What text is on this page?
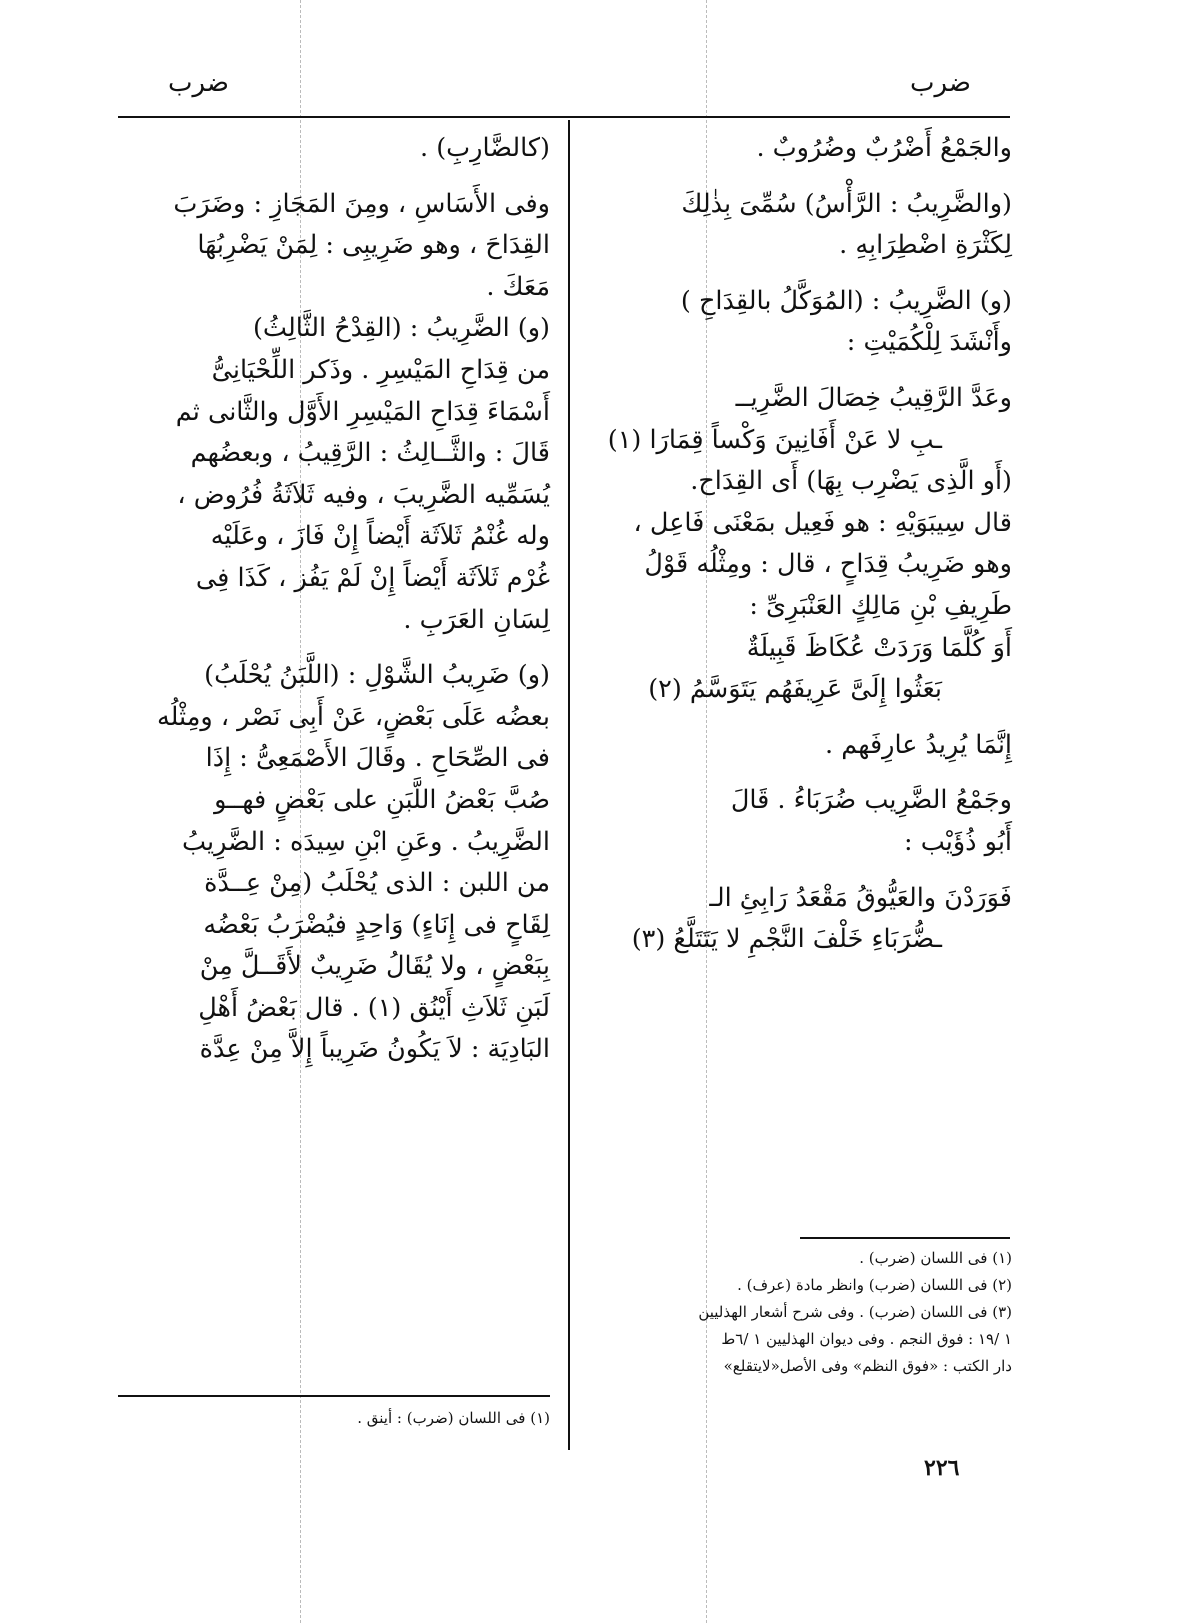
ضرب
ضرب

والجَمْعُ أَضْرُبٌ وضُرُوبٌ .

(والضَّرِيبُ : الرَّأْسُ) سُمِّىَ بِذٰلِكَ

لِكَثْرَةِ اضْطِرَابِهِ .

(و) الضَّرِيبُ : (المُوَكَّلُ بالقِدَاحِ )

وأَنْشَدَ لِلْكُمَيْتِ :

وعَدَّ الرَّقِيبُ خِصَالَ الضَّرِيــ

ـبِ لا عَنْ أَفَانِينَ وَكْساً قِمَارَا (١)

(أَو الَّذِى يَضْرِب بِهَا) أَى القِدَاح.

قال سِيبَوَيْهِ : هو فَعِيل بمَعْنَى فَاعِل ،

وهو ضَرِيبُ قِدَاحٍ ، قال : ومِثْلُه قَوْلُ

طَرِيفِ بْنِ مَالِكٍ العَنْبَرِىِّ :

أَوَ كُلَّمَا وَرَدَتْ عُكَاظَ قَبِيلَةٌ

بَعَثُوا إِلَىَّ عَرِيفَهُم يَتَوَسَّمُ (٢)

إِنَّمَا يُرِيدُ عارِفَهم .

وجَمْعُ الضَّرِيب ضُرَبَاءُ . قَالَ

أَبُو ذُؤَيْب :

فَوَرَدْنَ والعَيُّوقُ مَقْعَدُ رَابِئِ الـ

ـضُّرَبَاءِ خَلْفَ النَّجْمِ لا يَتَتَلَّعُ (٣)

(١) فى اللسان (ضرب) .

(٢) فى اللسان (ضرب) وانظر مادة (عرف) .

(٣) فى اللسان (ضرب) . وفى شرح أشعار الهذليين

١ /١٩ : فوق النجم . وفى ديوان الهذليين ١ /٦ط

دار الكتب : «فوق النظم» وفى الأصل«لايتقلع»

(كالضَّارِبِ) .

وفى الأَسَاسِ ، ومِنَ المَجَازِ : وضَرَبَ

القِدَاحَ ، وهو ضَرِيبِى : لِمَنْ يَضْرِبُهَا

مَعَكَ .

(و) الضَّرِيبُ : (القِدْحُ الثَّالِثُ)

من قِدَاحِ المَيْسِرِ . وذَكر اللِّحْيَانِىُّ

أَسْمَاءَ قِدَاحِ المَيْسِرِ الأَوَّل والثَّانى ثم

قَالَ : والثَّــالِثُ : الرَّقِيبُ ، وبعضُهم

يُسَمِّيه الضَّرِيبَ ، وفيه ثَلاَثَةُ فُرُوض ،

وله غُنْمُ ثَلاَثَة أَيْضاً إِنْ فَازَ ، وعَلَيْه

غُرْم ثَلاَثَة أَيْضاً إِنْ لَمْ يَفُز ، كَذَا فِى

لِسَانِ العَرَبِ .

(و) ضَرِيبُ الشَّوْلِ : (اللَّبَنُ يُحْلَبُ)

بعضُه عَلَى بَعْضٍ، عَنْ أَبِى نَصْر ، ومِثْلُه

فى الصِّحَاحِ . وقَالَ الأَصْمَعِىُّ : إِذَا

صُبَّ بَعْضُ اللَّبَنِ على بَعْضٍ فهــو

الضَّرِيبُ . وعَنِ ابْنِ سِيدَه : الضَّرِيبُ

من اللبن : الذى يُحْلَبُ (مِنْ عِــدَّة

لِقَاحٍ فى إِنَاءٍ) وَاحِدٍ فيُضْرَبُ بَعْضُه

بِبَعْضٍ ، ولا يُقَالُ ضَرِيبٌ لأَقَــلَّ مِنْ

لَبَنِ ثَلاَثِ أَيْنُق (١) . قال بَعْضُ أَهْلِ

البَادِيَة : لاَ يَكُونُ ضَرِيباً إِلاَّ مِنْ عِدَّة

(١) فى اللسان (ضرب) : أينق .

٢٢٦
